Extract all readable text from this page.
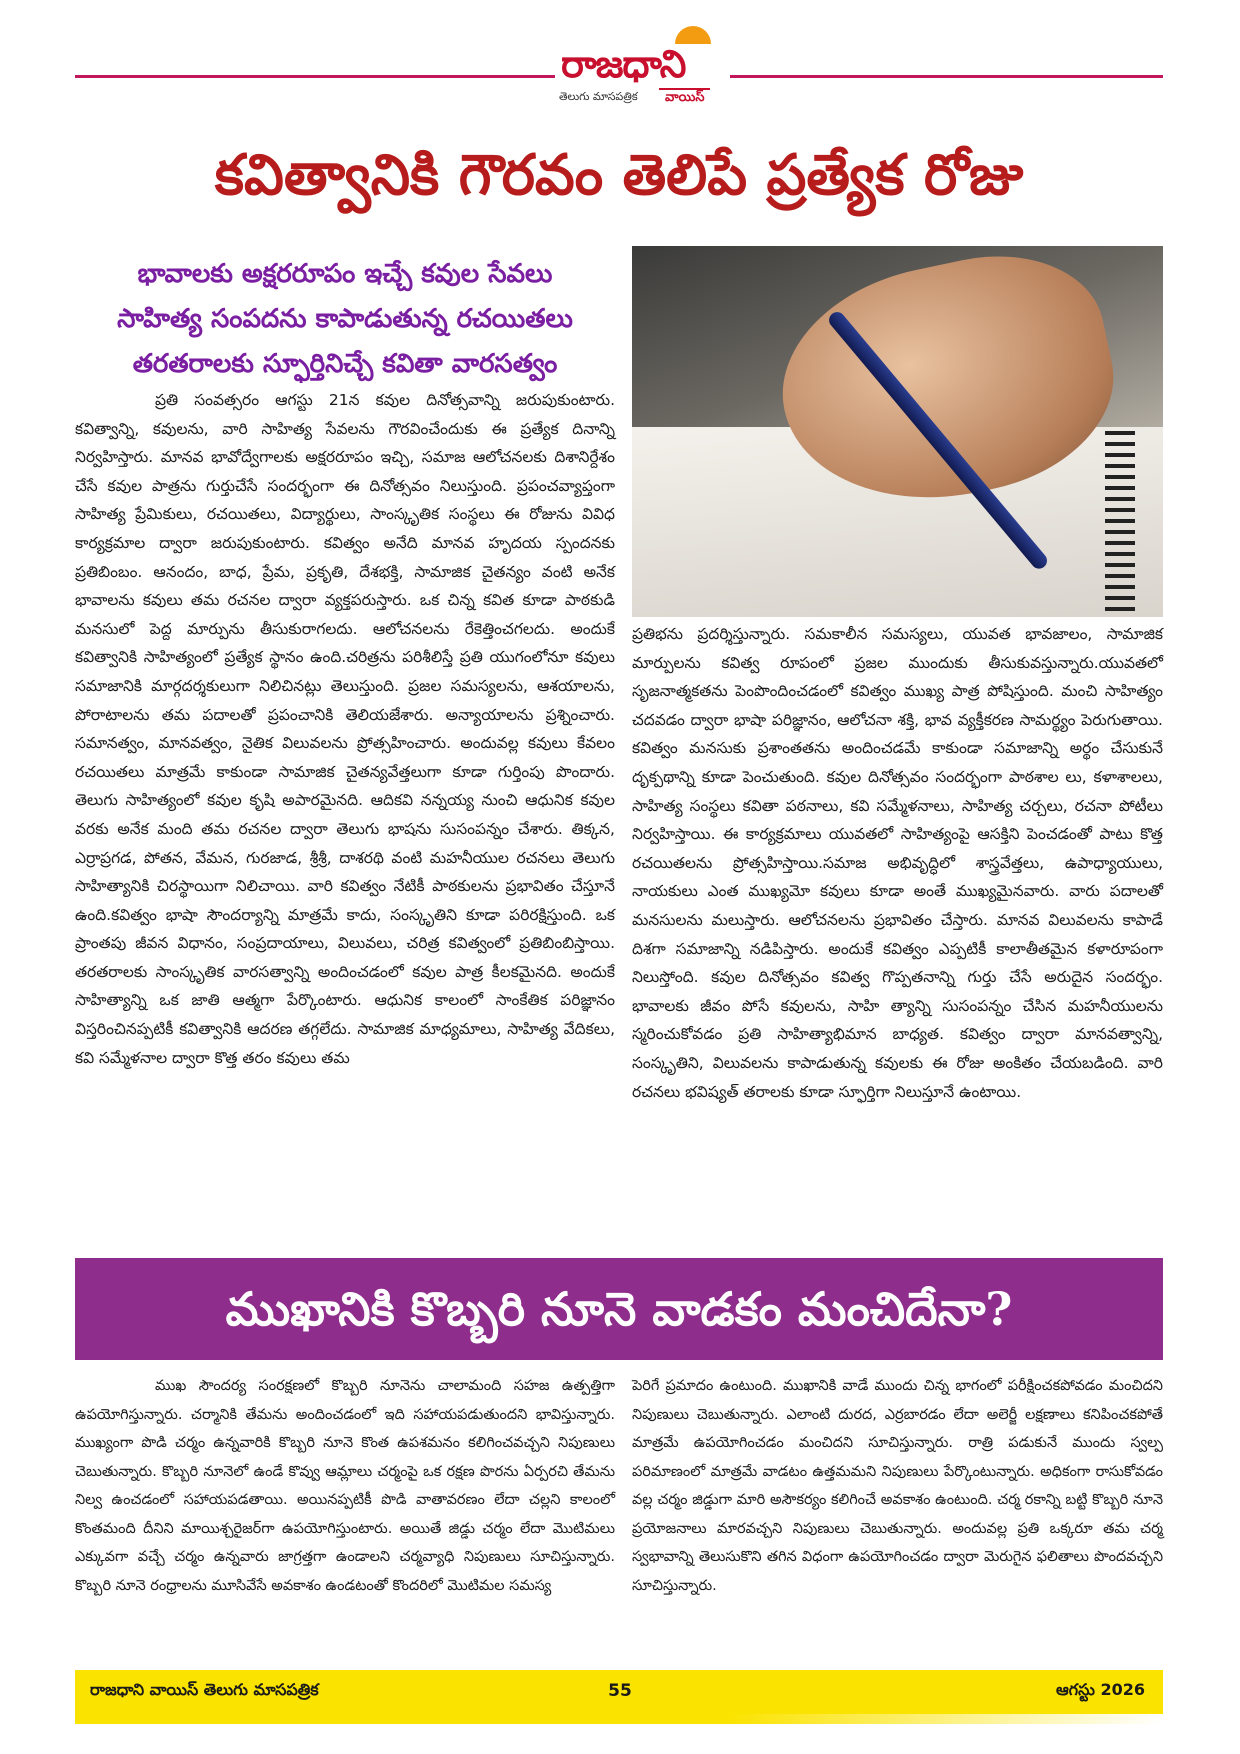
రాజధాని
తెలుగు మాసపత్రిక	వాయిస్
కవిత్వానికి గౌరవం తెలిపే ప్రత్యేక రోజు
భావాలకు అక్షరరూపం ఇచ్చే కవుల సేవలు
సాహిత్య సంపదను కాపాడుతున్న రచయితలు
తరతరాలకు స్ఫూర్తినిచ్చే కవితా వారసత్వం
ప్రతి సంవత్సరం ఆగస్టు 21న కవుల దినోత్సవాన్ని జరుపుకుంటారు. కవిత్వాన్ని, కవులను, వారి సాహిత్య సేవలను గౌరవించేందుకు ఈ ప్రత్యేక దినాన్ని నిర్వహిస్తారు. మానవ భావోద్వేగాలకు అక్షరరూపం ఇచ్చి, సమాజ ఆలోచనలకు దిశానిర్దేశం చేసే కవుల పాత్రను గుర్తుచేసే సందర్భంగా ఈ దినోత్సవం నిలుస్తుంది. ప్రపంచవ్యాప్తంగా సాహిత్య ప్రేమికులు, రచయితలు, విద్యార్థులు, సాంస్కృతిక సంస్థలు ఈ రోజును వివిధ కార్యక్రమాల ద్వారా జరుపుకుంటారు. కవిత్వం అనేది మానవ హృదయ స్పందనకు ప్రతిబింబం. ఆనందం, బాధ, ప్రేమ, ప్రకృతి, దేశభక్తి, సామాజిక చైతన్యం వంటి అనేక భావాలను కవులు తమ రచనల ద్వారా వ్యక్తపరుస్తారు. ఒక చిన్న కవిత కూడా పాఠకుడి మనసులో పెద్ద మార్పును తీసుకురాగలదు. ఆలోచనలను రేకెత్తించగలదు. అందుకే కవిత్వానికి సాహిత్యంలో ప్రత్యేక స్థానం ఉంది.చరిత్రను పరిశీలిస్తే ప్రతి యుగంలోనూ కవులు సమాజానికి మార్గదర్శకులుగా నిలిచినట్లు తెలుస్తుంది. ప్రజల సమస్యలను, ఆశయాలను, పోరాటాలను తమ పదాలతో ప్రపంచానికి తెలియజేశారు. అన్యాయాలను ప్రశ్నించారు. సమానత్వం, మానవత్వం, నైతిక విలువలను ప్రోత్సహించారు. అందువల్ల కవులు కేవలం రచయితలు మాత్రమే కాకుండా సామాజిక చైతన్యవేత్తలుగా కూడా గుర్తింపు పొందారు. తెలుగు సాహిత్యంలో కవుల కృషి అపారమైనది. ఆదికవి నన్నయ్య నుంచి ఆధునిక కవుల వరకు అనేక మంది తమ రచనల ద్వారా తెలుగు భాషను సుసంపన్నం చేశారు. తిక్కన, ఎర్రాప్రగడ, పోతన, వేమన, గురజాడ, శ్రీశ్రీ, దాశరథి వంటి మహనీయుల రచనలు తెలుగు సాహిత్యానికి చిరస్థాయిగా నిలిచాయి. వారి కవిత్వం నేటికీ పాఠకులను ప్రభావితం చేస్తూనే ఉంది.కవిత్వం భాషా సౌందర్యాన్ని మాత్రమే కాదు, సంస్కృతిని కూడా పరిరక్షిస్తుంది. ఒక ప్రాంతపు జీవన విధానం, సంప్రదాయాలు, విలువలు, చరిత్ర కవిత్వంలో ప్రతిబింబిస్తాయి. తరతరాలకు సాంస్కృతిక వారసత్వాన్ని అందించడంలో కవుల పాత్ర కీలకమైనది. అందుకే సాహిత్యాన్ని ఒక జాతి ఆత్మగా పేర్కొంటారు. ఆధునిక కాలంలో సాంకేతిక పరిజ్ఞానం విస్తరించినప్పటికీ కవిత్వానికి ఆదరణ తగ్గలేదు. సామాజిక మాధ్యమాలు, సాహిత్య వేదికలు, కవి సమ్మేళనాల ద్వారా కొత్త తరం కవులు తమ
ప్రతిభను ప్రదర్శిస్తున్నారు. సమకాలీన సమస్యలు, యువత భావజాలం, సామాజిక మార్పులను కవిత్వ రూపంలో ప్రజల ముందుకు తీసుకువస్తున్నారు.యువతలో సృజనాత్మకతను పెంపొందించడంలో కవిత్వం ముఖ్య పాత్ర పోషిస్తుంది. మంచి సాహిత్యం చదవడం ద్వారా భాషా పరిజ్ఞానం, ఆలోచనా శక్తి, భావ వ్యక్తీకరణ సామర్థ్యం పెరుగుతాయి. కవిత్వం మనసుకు ప్రశాంతతను అందించడమే కాకుండా సమాజాన్ని అర్థం చేసుకునే దృక్పథాన్ని కూడా పెంచుతుంది. కవుల దినోత్సవం సందర్భంగా పాఠశాల లు, కళాశాలలు, సాహిత్య సంస్థలు కవితా పఠనాలు, కవి సమ్మేళనాలు, సాహిత్య చర్చలు, రచనా పోటీలు నిర్వహిస్తాయి. ఈ కార్యక్రమాలు యువతలో సాహిత్యంపై ఆసక్తిని పెంచడంతో పాటు కొత్త రచయితలను ప్రోత్సహిస్తాయి.సమాజ అభివృద్ధిలో శాస్త్రవేత్తలు, ఉపాధ్యాయులు, నాయకులు ఎంత ముఖ్యమో కవులు కూడా అంతే ముఖ్యమైనవారు. వారు పదాలతో మనసులను మలుస్తారు. ఆలోచనలను ప్రభావితం చేస్తారు. మానవ విలువలను కాపాడే దిశగా సమాజాన్ని నడిపిస్తారు. అందుకే కవిత్వం ఎప్పటికీ కాలాతీతమైన కళారూపంగా నిలుస్తోంది. కవుల దినోత్సవం కవిత్వ గొప్పతనాన్ని గుర్తు చేసే అరుదైన సందర్భం. భావాలకు జీవం పోసే కవులను, సాహి త్యాన్ని సుసంపన్నం చేసిన మహనీయులను స్మరించుకోవడం ప్రతి సాహిత్యాభిమాన బాధ్యత. కవిత్వం ద్వారా మానవత్వాన్ని, సంస్కృతిని, విలువలను కాపాడుతున్న కవులకు ఈ రోజు అంకితం చేయబడింది. వారి రచనలు భవిష్యత్ తరాలకు కూడా స్ఫూర్తిగా నిలుస్తూనే ఉంటాయి.
ముఖానికి కొబ్బరి నూనె వాడకం మంచిదేనా?
ముఖ సౌందర్య సంరక్షణలో కొబ్బరి నూనెను చాలామంది సహజ ఉత్పత్తిగా ఉపయోగిస్తున్నారు. చర్మానికి తేమను అందించడంలో ఇది సహాయపడుతుందని భావిస్తున్నారు. ముఖ్యంగా పొడి చర్మం ఉన్నవారికి కొబ్బరి నూనె కొంత ఉపశమనం కలిగించవచ్చని నిపుణులు చెబుతున్నారు. కొబ్బరి నూనెలో ఉండే కొవ్వు ఆమ్లాలు చర్మంపై ఒక రక్షణ పొరను ఏర్పరచి తేమను నిల్వ ఉంచడంలో సహాయపడతాయి. అయినప్పటికీ పొడి వాతావరణం లేదా చల్లని కాలంలో కొంతమంది దీనిని మాయిశ్చరైజర్‌గా ఉపయోగిస్తుంటారు. అయితే జిడ్డు చర్మం లేదా మొటిమలు ఎక్కువగా వచ్చే చర్మం ఉన్నవారు జాగ్రత్తగా ఉండాలని చర్మవ్యాధి నిపుణులు సూచిస్తున్నారు. కొబ్బరి నూనె రంధ్రాలను మూసివేసే అవకాశం ఉండటంతో కొందరిలో మొటిమల సమస్య
పెరిగే ప్రమాదం ఉంటుంది. ముఖానికి వాడే ముందు చిన్న భాగంలో పరీక్షించకపోవడం మంచిదని నిపుణులు చెబుతున్నారు. ఎలాంటి దురద, ఎర్రబారడం లేదా అలెర్జీ లక్షణాలు కనిపించకపోతే మాత్రమే ఉపయోగించడం మంచిదని సూచిస్తున్నారు. రాత్రి పడుకునే ముందు స్వల్ప పరిమాణంలో మాత్రమే వాడటం ఉత్తమమని నిపుణులు పేర్కొంటున్నారు. అధికంగా రాసుకోవడం వల్ల చర్మం జిడ్డుగా మారి అసౌకర్యం కలిగించే అవకాశం ఉంటుంది. చర్మ రకాన్ని బట్టి కొబ్బరి నూనె ప్రయోజనాలు మారవచ్చని నిపుణులు చెబుతున్నారు. అందువల్ల ప్రతి ఒక్కరూ తమ చర్మ స్వభావాన్ని తెలుసుకొని తగిన విధంగా ఉపయోగించడం ద్వారా మెరుగైన ఫలితాలు పొందవచ్చని సూచిస్తున్నారు.
రాజధాని వాయిస్ తెలుగు మాసపత్రిక	55	ఆగస్టు 2026
